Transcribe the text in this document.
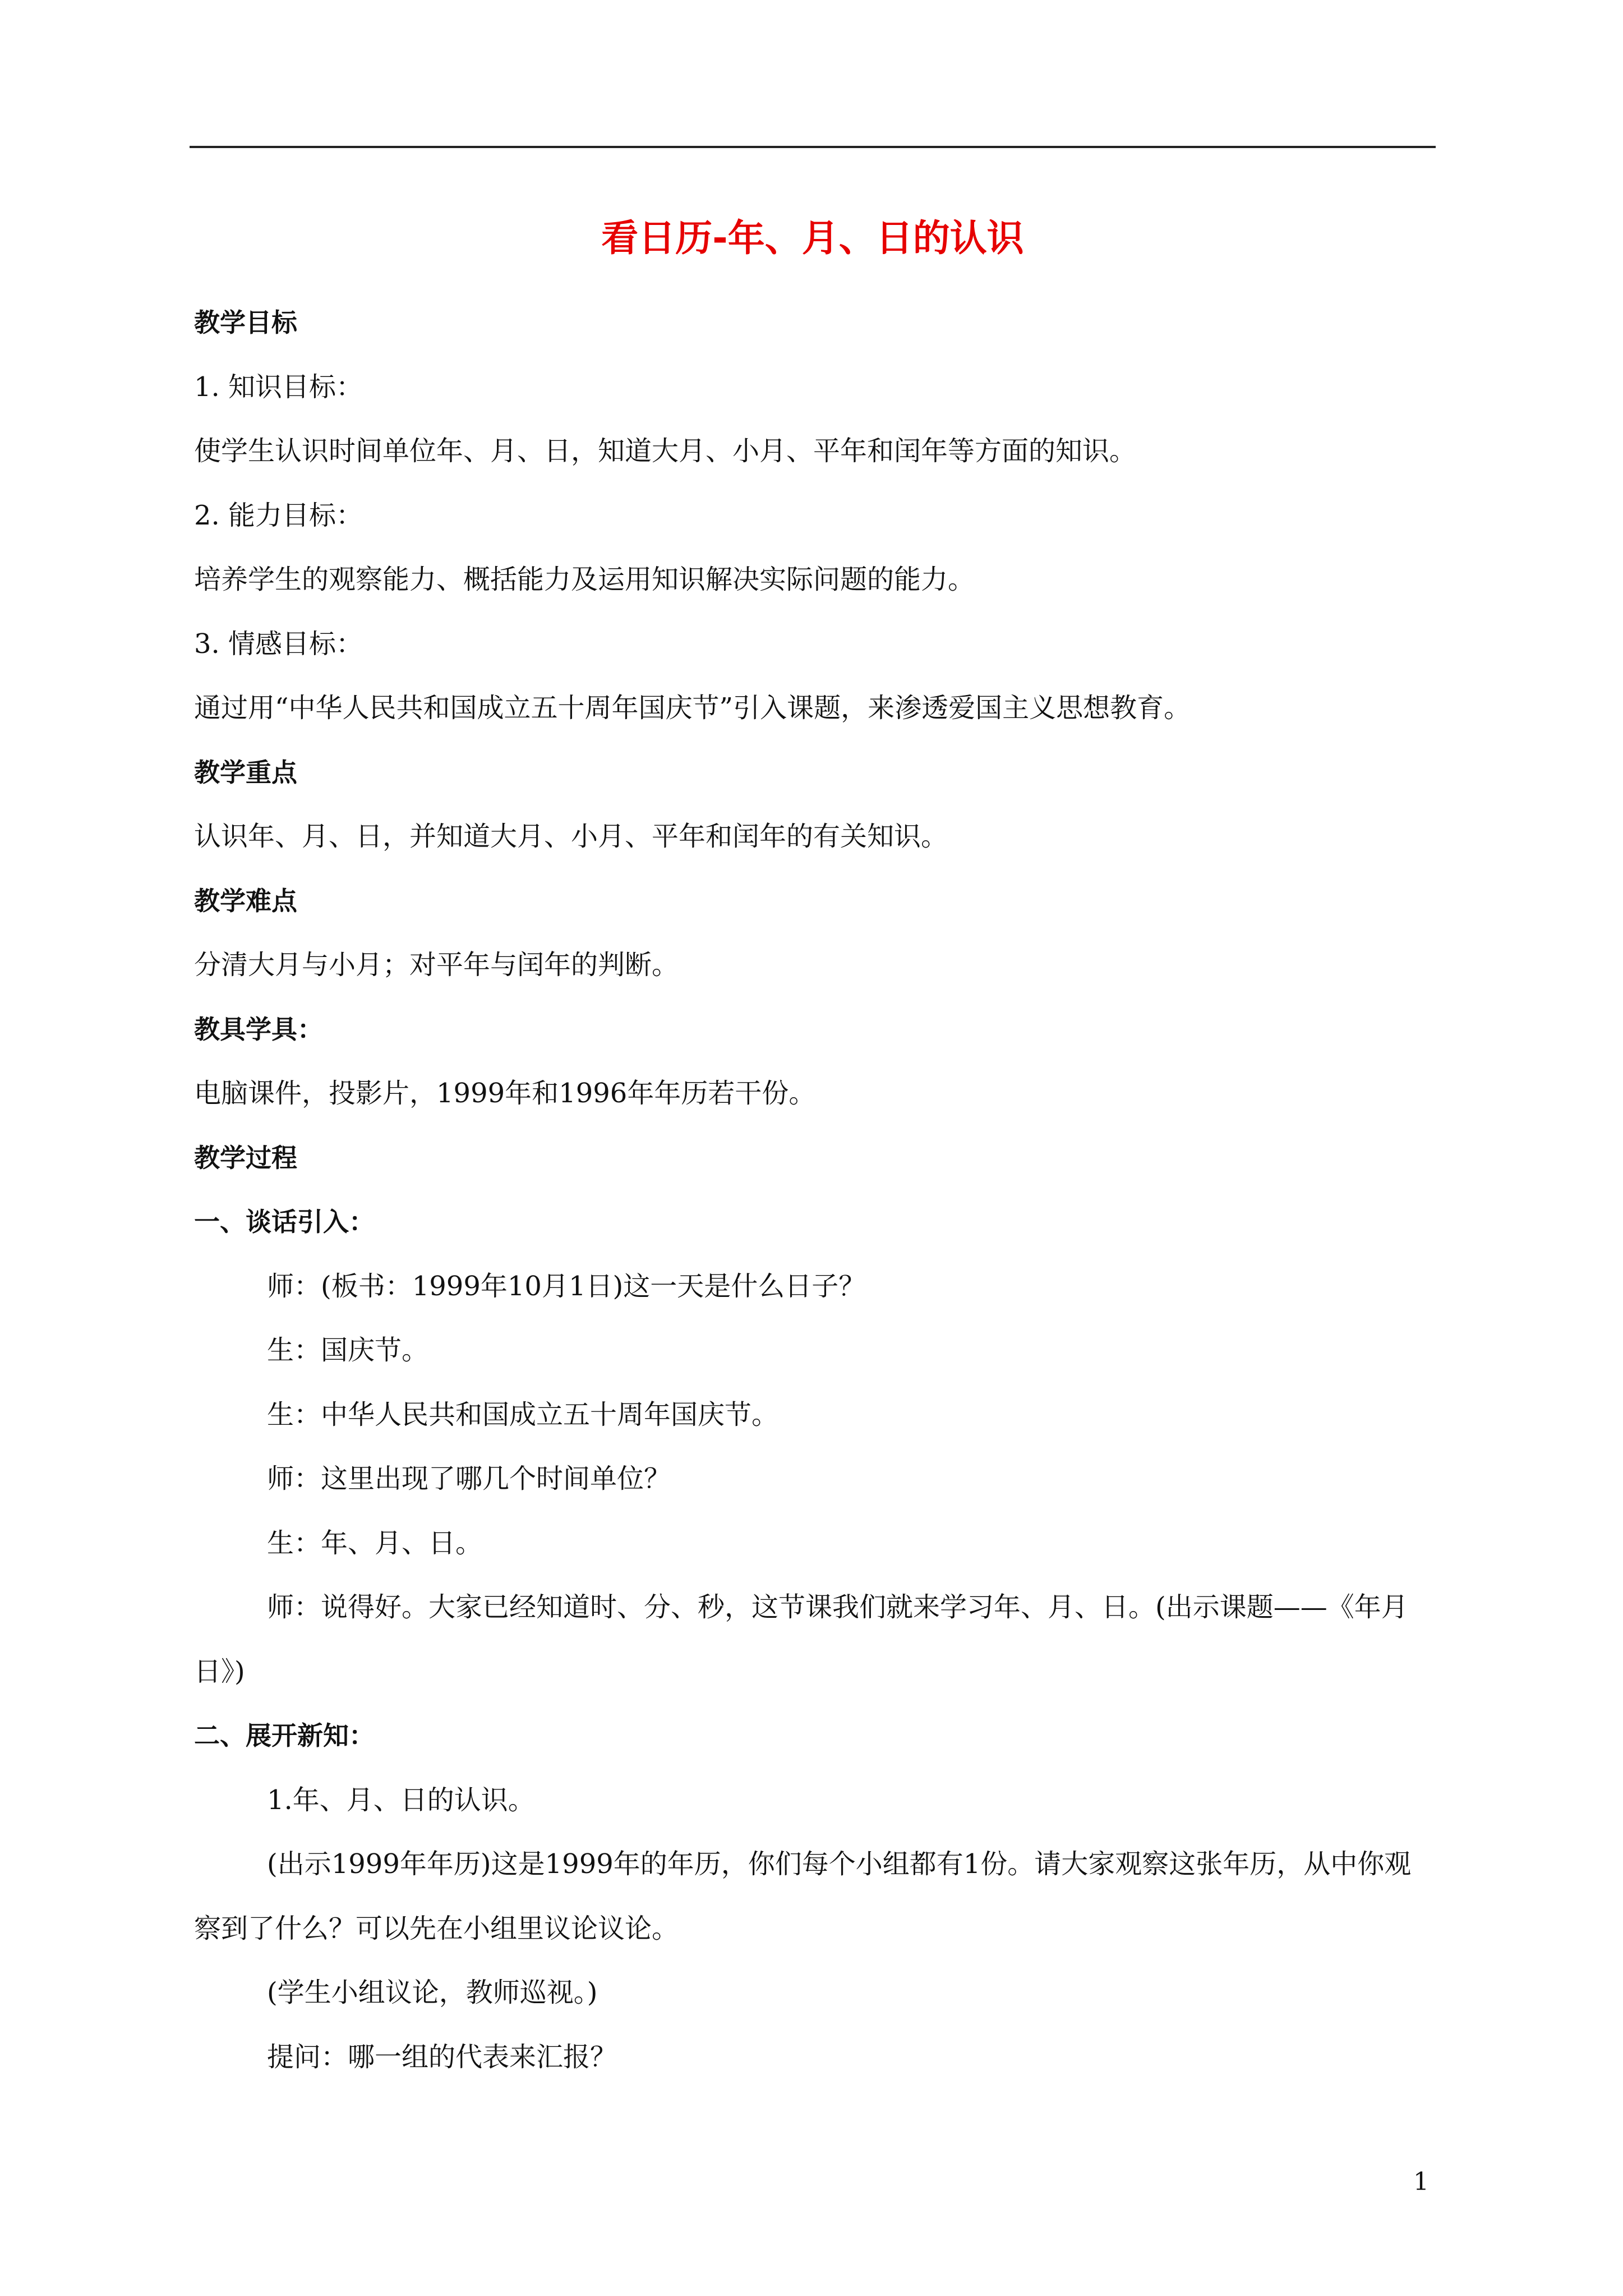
看日历-年、月、日的认识
教学目标
1. 知识目标：
使学生认识时间单位年、月、日，知道大月、小月、平年和闰年等方面的知识。
2. 能力目标：
培养学生的观察能力、概括能力及运用知识解决实际问题的能力。
3. 情感目标：
通过用“中华人民共和国成立五十周年国庆节”引入课题，来渗透爱国主义思想教育。
教学重点
认识年、月、日，并知道大月、小月、平年和闰年的有关知识。
教学难点
分清大月与小月；对平年与闰年的判断。
教具学具：
电脑课件，投影片，1999年和1996年年历若干份。
教学过程
一、谈话引入：
师：(板书：1999年10月1日)这一天是什么日子？
生：国庆节。
生：中华人民共和国成立五十周年国庆节。
师：这里出现了哪几个时间单位？
生：年、月、日。
师：说得好。大家已经知道时、分、秒，这节课我们就来学习年、月、日。(出示课题——《年月日》)
二、展开新知：
1.年、月、日的认识。
(出示1999年年历)这是1999年的年历，你们每个小组都有1份。请大家观察这张年历，从中你观察到了什么？可以先在小组里议论议论。
(学生小组议论，教师巡视。)
提问：哪一组的代表来汇报？
1
